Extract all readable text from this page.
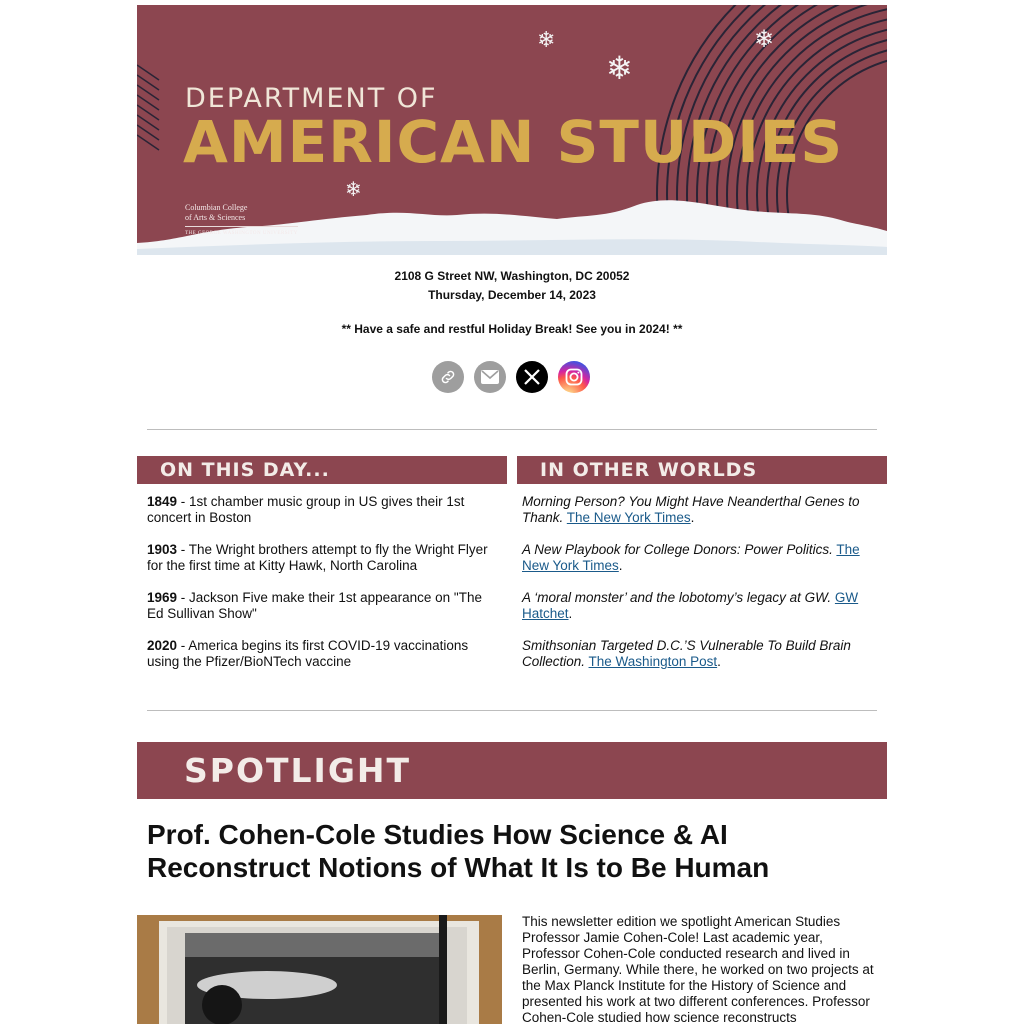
DEPARTMENT OF
AMERICAN STUDIES
Columbian College
of Arts & Sciences
THE GEORGE WASHINGTON UNIVERSITY
❄
❄
❄
❄
2108 G Street NW, Washington, DC 20052
Thursday, December 14, 2023
** Have a safe and restful Holiday Break! See you in 2024! **
ON THIS DAY...	IN OTHER WORLDS

1849 - 1st chamber music group in US gives their 1st concert in Boston

1903 - The Wright brothers attempt to fly the Wright Flyer for the first time at Kitty Hawk, North Carolina

1969 - Jackson Five make their 1st appearance on "The Ed Sullivan Show"

2020 - America begins its first COVID-19 vaccinations using the Pfizer/BioNTech vaccine

Morning Person? You Might Have Neanderthal Genes to Thank. The New York Times.

A New Playbook for College Donors: Power Politics. The New York Times.

A ‘moral monster’ and the lobotomy’s legacy at GW. GW Hatchet.

Smithsonian Targeted D.C.’S Vulnerable To Build Brain Collection. The Washington Post.

SPOTLIGHT
Prof. Cohen-Cole Studies How Science & AI Reconstruct Notions of What It Is to Be Human
This newsletter edition we spotlight American Studies Professor Jamie Cohen-Cole! Last academic year, Professor Cohen-Cole conducted research and lived in Berlin, Germany. While there, he worked on two projects at the Max Planck Institute for the History of Science and presented his work at two different conferences. Professor Cohen-Cole studied how science reconstructs
